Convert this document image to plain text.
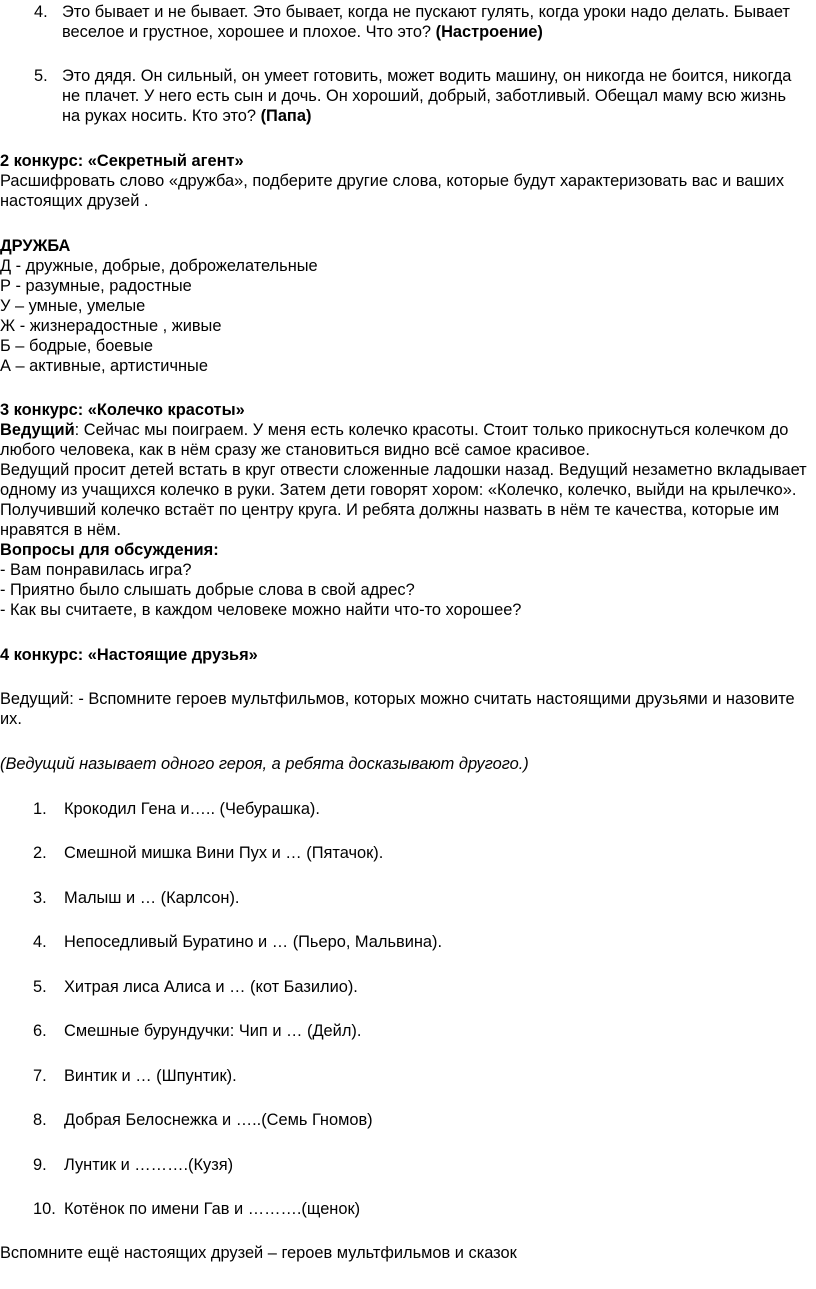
4. Это бывает и не бывает. Это бывает, когда не пускают гулять, когда уроки надо делать. Бывает веселое и грустное, хорошее и плохое. Что это? (Настроение)

5. Это дядя. Он сильный, он умеет готовить, может водить машину, он никогда не боится, никогда не плачет. У него есть сын и дочь. Он хороший, добрый, заботливый. Обещал маму всю жизнь на руках носить. Кто это? (Папа)

2 конкурс: «Секретный агент»

Расшифровать слово «дружба», подберите другие слова, которые будут характеризовать вас и ваших настоящих друзей .

ДРУЖБА

Д - дружные, добрые, доброжелательные

Р - разумные, радостные

У – умные, умелые

Ж - жизнерадостные , живые

Б – бодрые, боевые

А – активные, артистичные

3 конкурс: «Колечко красоты»

Ведущий: Сейчас мы поиграем. У меня есть колечко красоты. Стоит только прикоснуться колечком до любого человека, как в нём сразу же становиться видно всё самое красивое.

Ведущий просит детей встать в круг отвести сложенные ладошки назад. Ведущий незаметно вкладывает одному из учащихся колечко в руки. Затем дети говорят хором: «Колечко, колечко, выйди на крылечко». Получивший колечко встаёт по центру круга. И ребята должны назвать в нём те качества, которые им нравятся в нём.

Вопросы для обсуждения:

- Вам понравилась игра?

- Приятно было слышать добрые слова в свой адрес?

- Как вы считаете, в каждом человеке можно найти что-то хорошее?

4 конкурс: «Настоящие друзья»

Ведущий: - Вспомните героев мультфильмов, которых можно считать настоящими друзьями и назовите их.

(Ведущий называет одного героя, а ребята досказывают другого.)

1. Крокодил Гена и….. (Чебурашка).
2. Смешной мишка Вини Пух и … (Пятачок).
3. Малыш и … (Карлсон).
4. Непоседливый Буратино и … (Пьеро, Мальвина).
5. Хитрая лиса Алиса и … (кот Базилио).
6. Смешные бурундучки: Чип и … (Дейл).
7. Винтик и … (Шпунтик).
8. Добрая Белоснежка и …..(Семь Гномов)
9. Лунтик и ……….(Кузя)
10. Котёнок по имени Гав и ……….(щенок)

Вспомните ещё настоящих друзей – героев мультфильмов и сказок
